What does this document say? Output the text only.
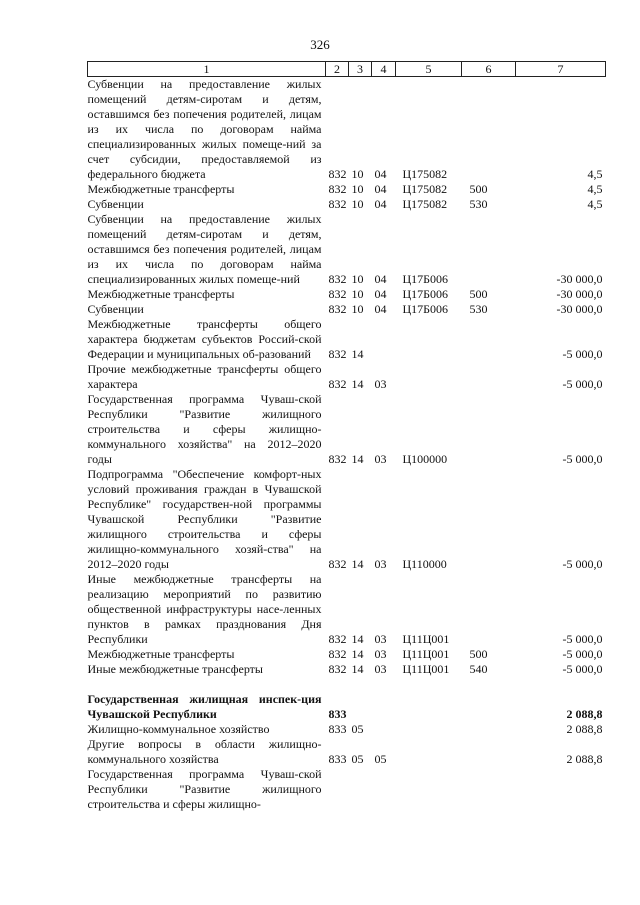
326
1	2	3	4	5	6	7
Субвенции на предоставление жилых помещений детям-сиротам и детям, оставшимся без попечения родителей, лицам из их числа по договорам найма специализированных жилых помеще-ний за счет субсидии, предоставляемой из федерального бюджета	832	10	04	Ц175082		4,5
Межбюджетные трансферты	832	10	04	Ц175082	500	4,5
Субвенции	832	10	04	Ц175082	530	4,5
Субвенции на предоставление жилых помещений детям-сиротам и детям, оставшимся без попечения родителей, лицам из их числа по договорам найма специализированных жилых помеще-ний	832	10	04	Ц17Б006		-30 000,0
Межбюджетные трансферты	832	10	04	Ц17Б006	500	-30 000,0
Субвенции	832	10	04	Ц17Б006	530	-30 000,0
Межбюджетные трансферты общего характера бюджетам субъектов Россий-ской Федерации и муниципальных об-разований	832	14				-5 000,0
Прочие межбюджетные трансферты общего характера	832	14	03			-5 000,0
Государственная программа Чуваш-ской Республики "Развитие жилищного строительства и сферы жилищно-коммунального хозяйства" на 2012–2020 годы	832	14	03	Ц100000		-5 000,0
Подпрограмма "Обеспечение комфорт-ных условий проживания граждан в Чувашской Республике" государствен-ной программы Чувашской Республики "Развитие жилищного строительства и сферы жилищно-коммунального хозяй-ства" на 2012–2020 годы	832	14	03	Ц110000		-5 000,0
Иные межбюджетные трансферты на реализацию мероприятий по развитию общественной инфраструктуры насе-ленных пунктов в рамках празднования Дня Республики	832	14	03	Ц11Ц001		-5 000,0
Межбюджетные трансферты	832	14	03	Ц11Ц001	500	-5 000,0
Иные межбюджетные трансферты	832	14	03	Ц11Ц001	540	-5 000,0

Государственная жилищная инспек-ция Чувашской Республики	833					2 088,8
Жилищно-коммунальное хозяйство	833	05				2 088,8
Другие вопросы в области жилищно-коммунального хозяйства	833	05	05			2 088,8
Государственная программа Чуваш-ской Республики "Развитие жилищного строительства и сферы жилищно-						
